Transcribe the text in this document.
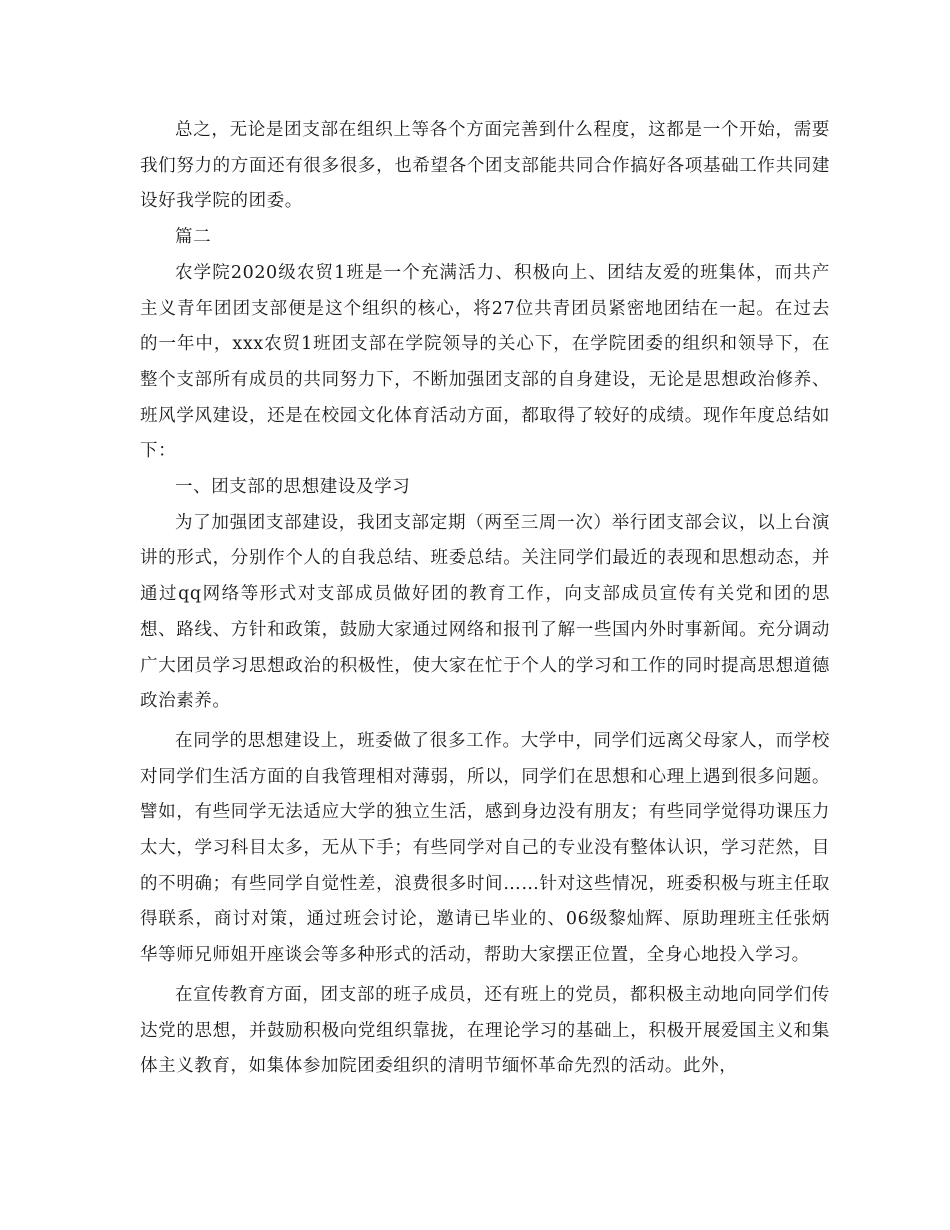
总之，无论是团支部在组织上等各个方面完善到什么程度，这都是一个开始，需要我们努力的方面还有很多很多，也希望各个团支部能共同合作搞好各项基础工作共同建设好我学院的团委。

篇二

农学院2020级农贸1班是一个充满活力、积极向上、团结友爱的班集体，而共产主义青年团团支部便是这个组织的核心，将27位共青团员紧密地团结在一起。在过去的一年中，xxx农贸1班团支部在学院领导的关心下，在学院团委的组织和领导下，在整个支部所有成员的共同努力下，不断加强团支部的自身建设，无论是思想政治修养、班风学风建设，还是在校园文化体育活动方面，都取得了较好的成绩。现作年度总结如下：

一、团支部的思想建设及学习

为了加强团支部建设，我团支部定期（两至三周一次）举行团支部会议，以上台演讲的形式，分别作个人的自我总结、班委总结。关注同学们最近的表现和思想动态，并通过qq网络等形式对支部成员做好团的教育工作，向支部成员宣传有关党和团的思想、路线、方针和政策，鼓励大家通过网络和报刊了解一些国内外时事新闻。充分调动广大团员学习思想政治的积极性，使大家在忙于个人的学习和工作的同时提高思想道德政治素养。

在同学的思想建设上，班委做了很多工作。大学中，同学们远离父母家人，而学校对同学们生活方面的自我管理相对薄弱，所以，同学们在思想和心理上遇到很多问题。譬如，有些同学无法适应大学的独立生活，感到身边没有朋友；有些同学觉得功课压力太大，学习科目太多，无从下手；有些同学对自己的专业没有整体认识，学习茫然，目的不明确；有些同学自觉性差，浪费很多时间……针对这些情况，班委积极与班主任取得联系，商讨对策，通过班会讨论，邀请已毕业的、06级黎灿辉、原助理班主任张炳华等师兄师姐开座谈会等多种形式的活动，帮助大家摆正位置，全身心地投入学习。

在宣传教育方面，团支部的班子成员，还有班上的党员，都积极主动地向同学们传达党的思想，并鼓励积极向党组织靠拢，在理论学习的基础上，积极开展爱国主义和集体主义教育，如集体参加院团委组织的清明节缅怀革命先烈的活动。此外，
